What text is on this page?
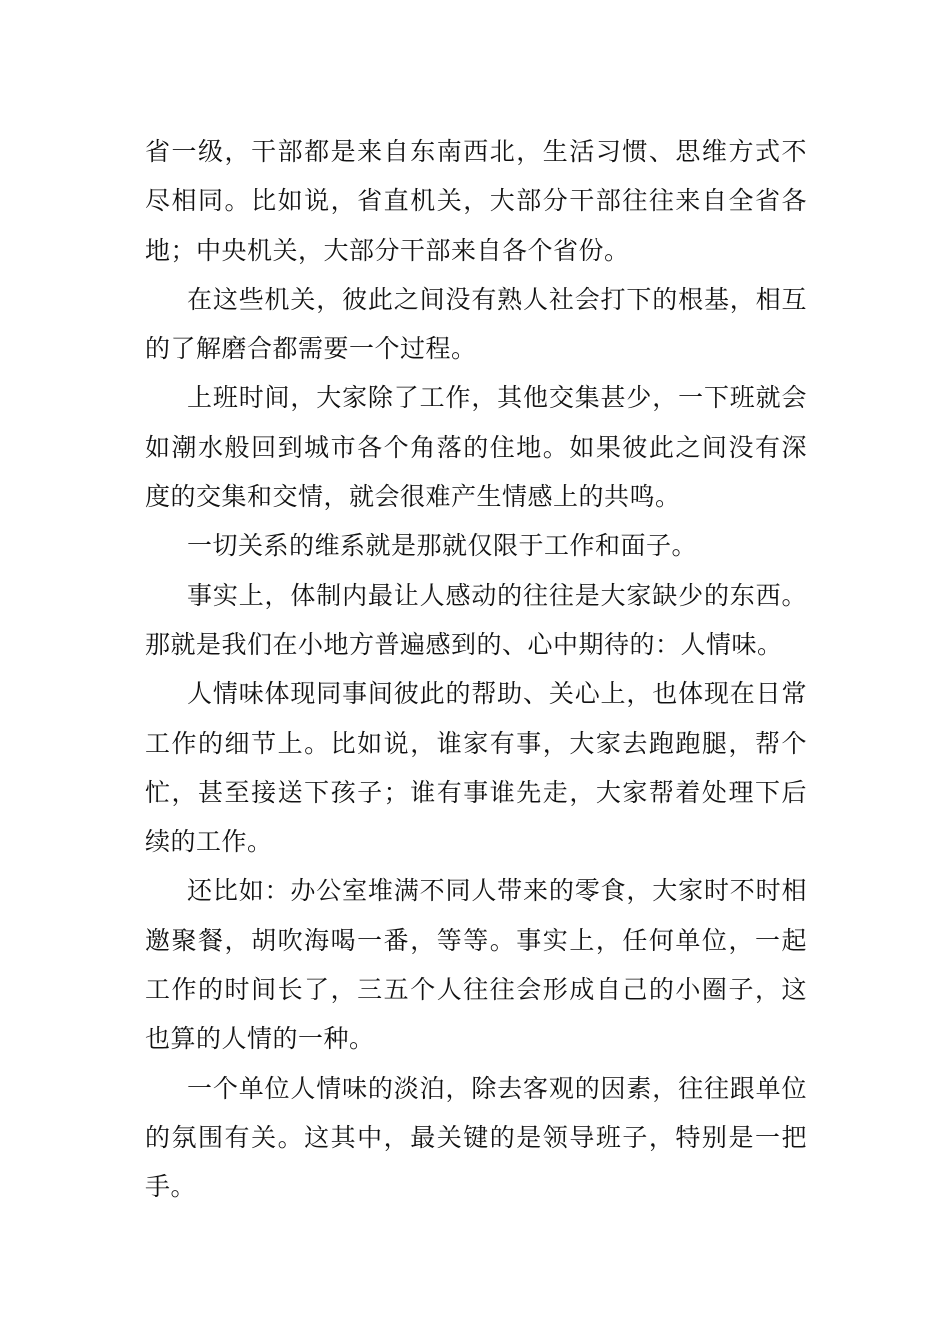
省一级，干部都是来自东南西北，生活习惯、思维方式不尽相同。比如说，省直机关，大部分干部往往来自全省各地；中央机关，大部分干部来自各个省份。

在这些机关，彼此之间没有熟人社会打下的根基，相互的了解磨合都需要一个过程。

上班时间，大家除了工作，其他交集甚少，一下班就会如潮水般回到城市各个角落的住地。如果彼此之间没有深度的交集和交情，就会很难产生情感上的共鸣。

一切关系的维系就是那就仅限于工作和面子。

事实上，体制内最让人感动的往往是大家缺少的东西。那就是我们在小地方普遍感到的、心中期待的：人情味。

人情味体现同事间彼此的帮助、关心上，也体现在日常工作的细节上。比如说，谁家有事，大家去跑跑腿，帮个忙，甚至接送下孩子；谁有事谁先走，大家帮着处理下后续的工作。

还比如：办公室堆满不同人带来的零食，大家时不时相邀聚餐，胡吹海喝一番，等等。事实上，任何单位，一起工作的时间长了，三五个人往往会形成自己的小圈子，这也算的人情的一种。

一个单位人情味的淡泊，除去客观的因素，往往跟单位的氛围有关。这其中，最关键的是领导班子，特别是一把手。
